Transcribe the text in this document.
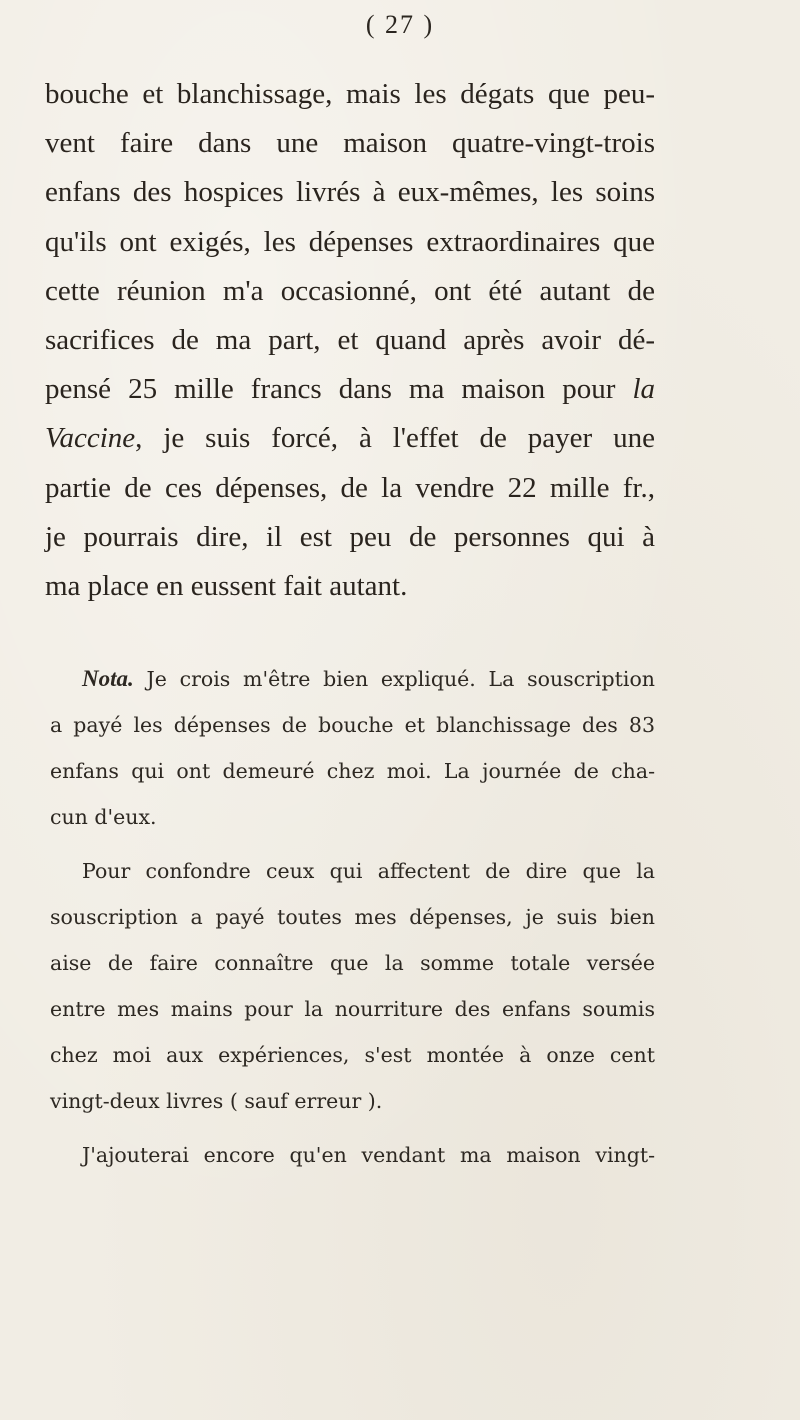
( 27 )
bouche et blanchissage, mais les dégats que peu-
vent faire dans une maison quatre-vingt-trois
enfans des hospices livrés à eux-mêmes, les soins
qu'ils ont exigés, les dépenses extraordinaires que
cette réunion m'a occasionné, ont été autant de
sacrifices de ma part, et quand après avoir dé-
pensé 25 mille francs dans ma maison pour la
Vaccine, je suis forcé, à l'effet de payer une
partie de ces dépenses, de la vendre 22 mille fr.,
je pourrais dire, il est peu de personnes qui à
ma place en eussent fait autant.
Nota. Je crois m'être bien expliqué. La souscription
a payé les dépenses de bouche et blanchissage des 83
enfans qui ont demeuré chez moi. La journée de cha-
cun d'eux.
Pour confondre ceux qui affectent de dire que la
souscription a payé toutes mes dépenses, je suis bien
aise de faire connaître que la somme totale versée
entre mes mains pour la nourriture des enfans soumis
chez moi aux expériences, s'est montée à onze cent
vingt-deux livres ( sauf erreur ).
J'ajouterai encore qu'en vendant ma maison vingt-
